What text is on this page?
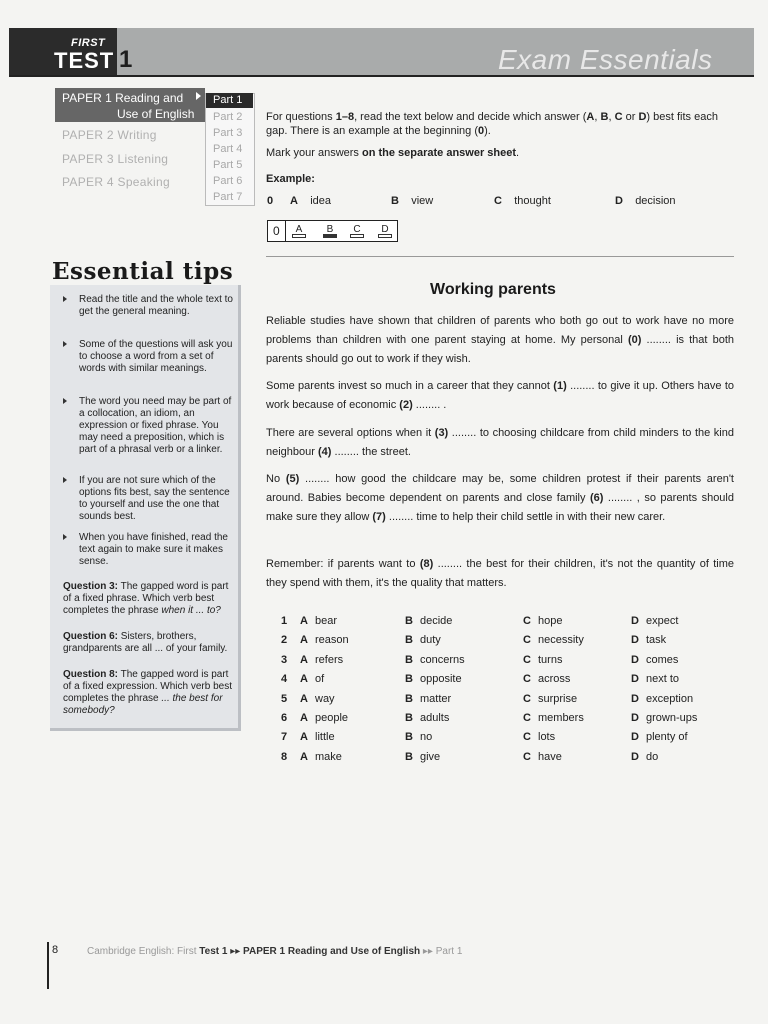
FIRST
TEST 1	Exam Essentials
PAPER 1 Reading and
Use of English
PAPER 2 Writing
PAPER 3 Listening
PAPER 4 Speaking
Part 1
Part 2
Part 3
Part 4
Part 5
Part 6
Part 7
Essential tips
Read the title and the whole text to get the general meaning.
Some of the questions will ask you to choose a word from a set of words with similar meanings.
The word you need may be part of a collocation, an idiom, an expression or fixed phrase. You may need a preposition, which is part of a phrasal verb or a linker.
If you are not sure which of the options fits best, say the sentence to yourself and use the one that sounds best.
When you have finished, read the text again to make sure it makes sense.
Question 3: The gapped word is part of a fixed phrase. Which verb best completes the phrase when it ... to?
Question 6: Sisters, brothers, grandparents are all ... of your family.
Question 8: The gapped word is part of a fixed expression. Which verb best completes the phrase ... the best for somebody?
For questions 1–8, read the text below and decide which answer (A, B, C or D) best fits each gap. There is an example at the beginning (0).
Mark your answers on the separate answer sheet.
Example:
0 A idea	B view	C thought	D decision
0	A	B	C	D
Working parents
Reliable studies have shown that children of parents who both go out to work have no more problems than children with one parent staying at home. My personal (0) ........ is that both parents should go out to work if they wish.
Some parents invest so much in a career that they cannot (1) ........ to give it up. Others have to work because of economic (2) ........ .
There are several options when it (3) ........ to choosing childcare from child minders to the kind neighbour (4) ........ the street.
No (5) ........ how good the childcare may be, some children protest if their parents aren't around. Babies become dependent on parents and close family (6) ........ , so parents should make sure they allow (7) ........ time to help their child settle in with their new carer.
Remember: if parents want to (8) ........ the best for their children, it's not the quantity of time they spend with them, it's the quality that matters.
1 A bear	B decide	C hope	D expect
2 A reason	B duty	C necessity	D task
3 A refers	B concerns	C turns	D comes
4 A of	B opposite	C across	D next to
5 A way	B matter	C surprise	D exception
6 A people	B adults	C members	D grown-ups
7 A little	B no	C lots	D plenty of
8 A make	B give	C have	D do
8	Cambridge English: First Test 1 ▸▸ PAPER 1 Reading and Use of English ▸▸ Part 1
